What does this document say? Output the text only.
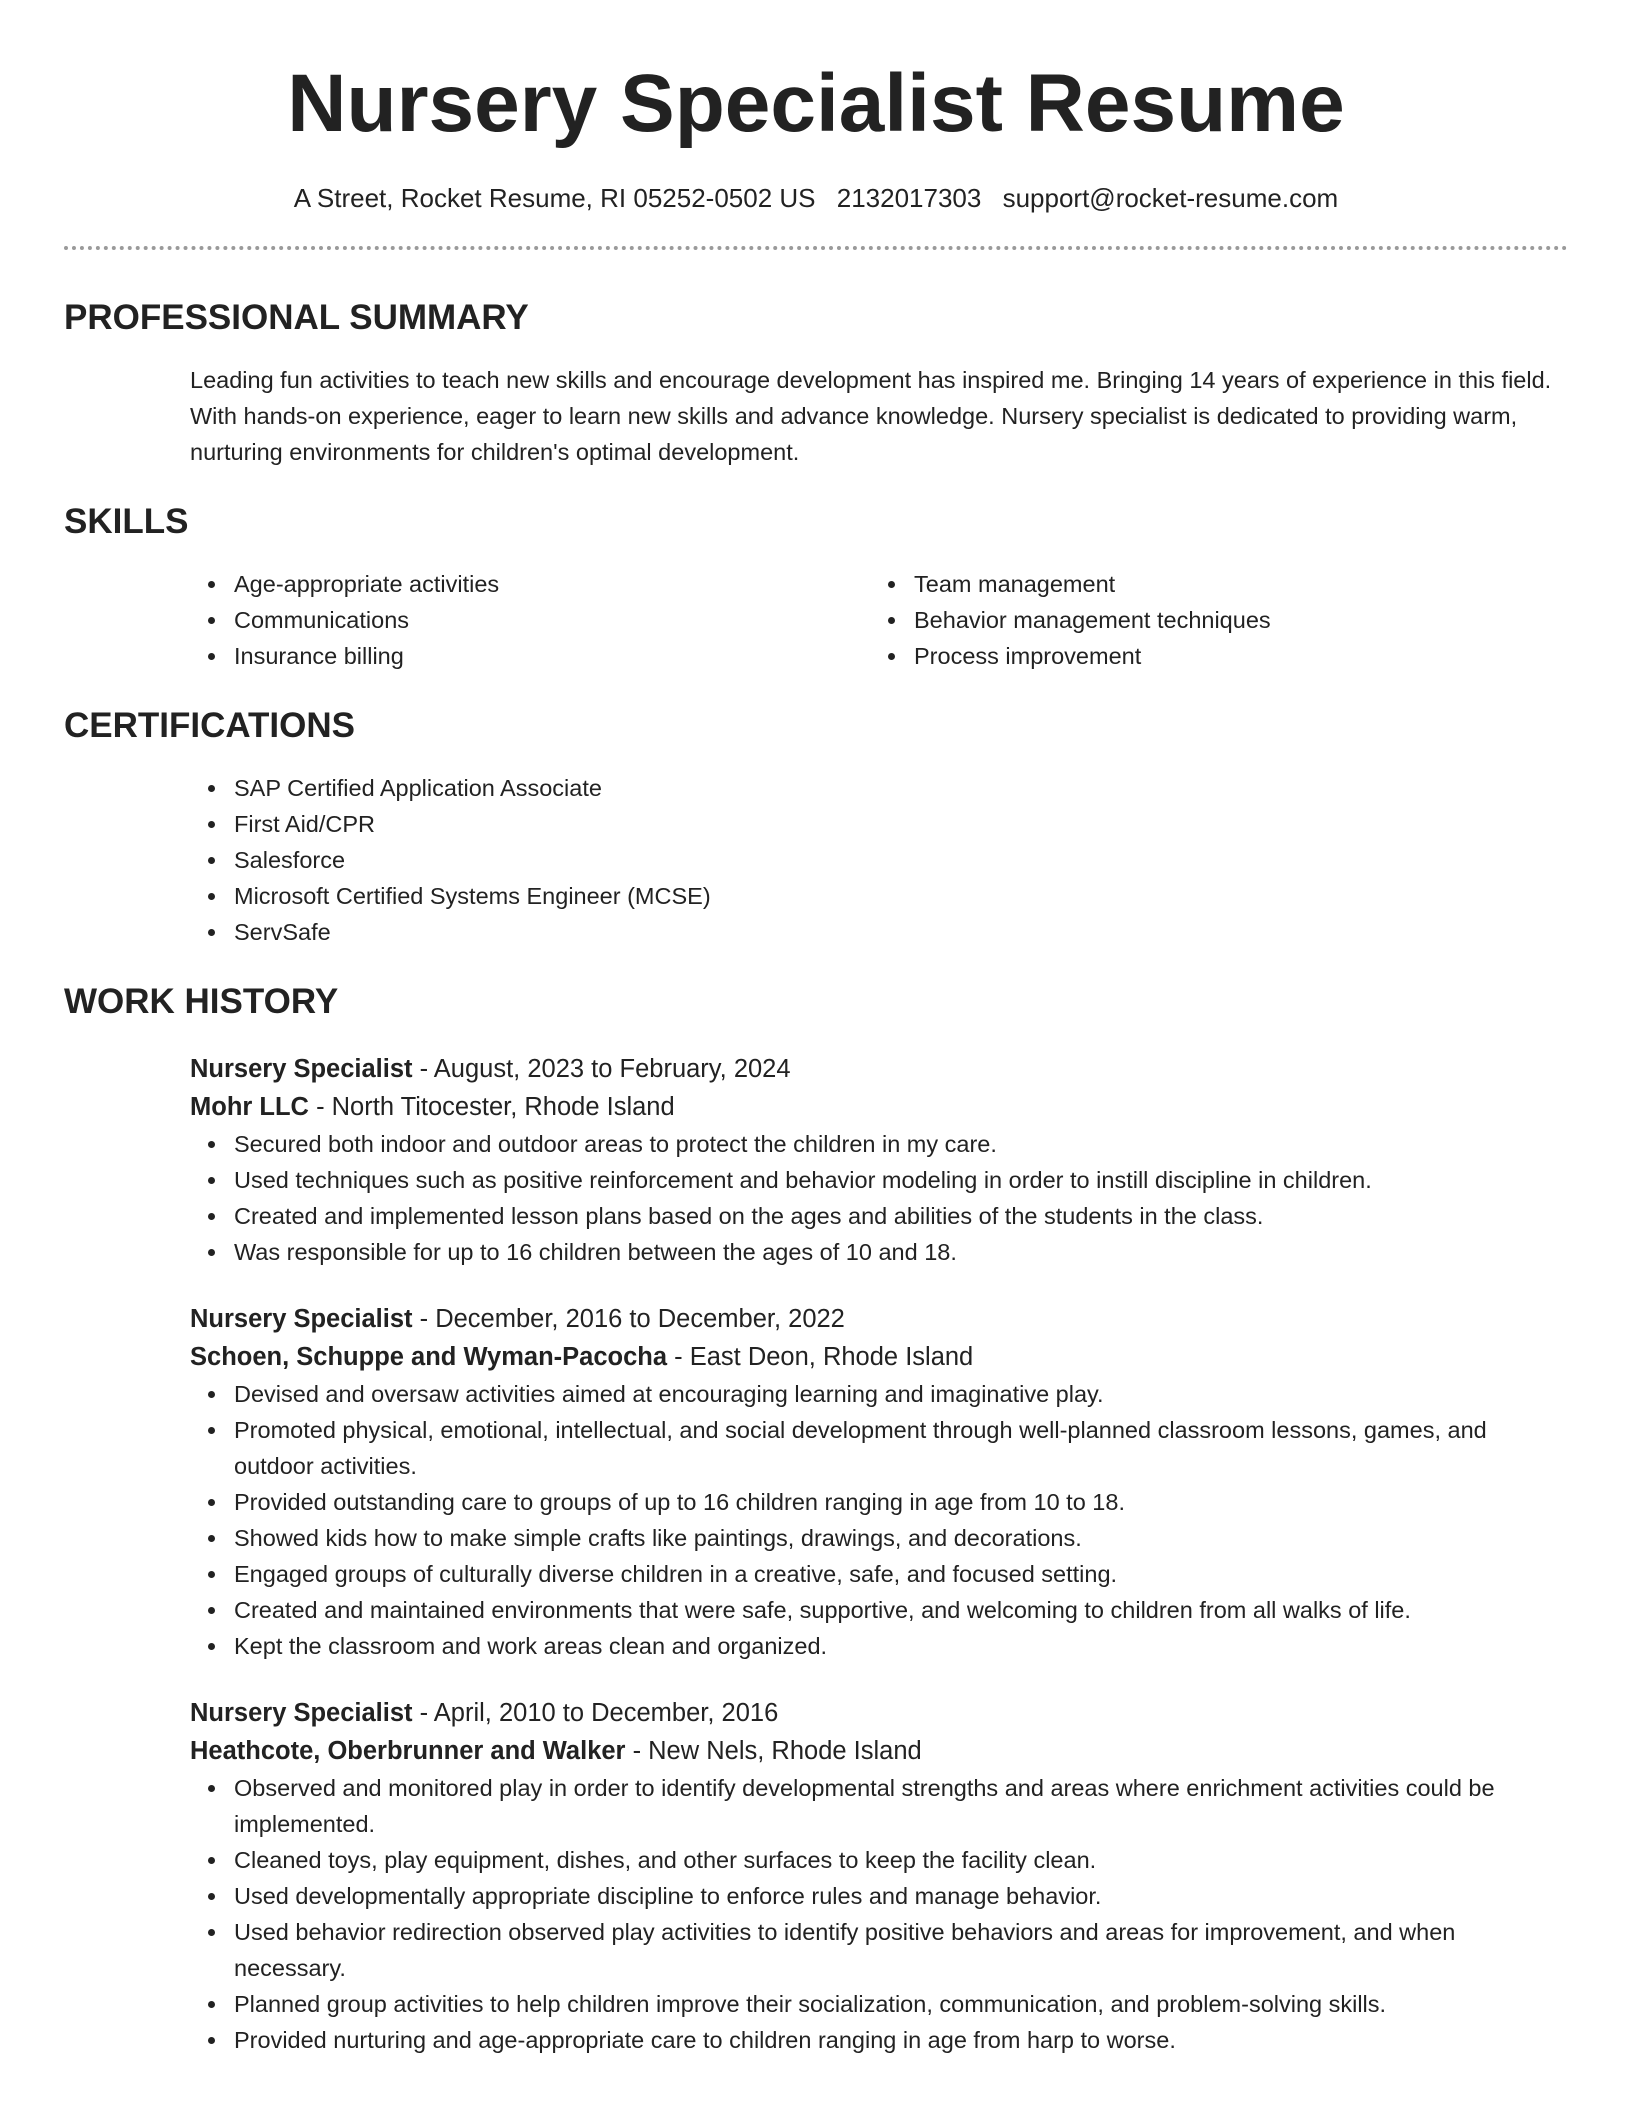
Nursery Specialist Resume
A Street, Rocket Resume, RI 05252-0502 US 2132017303 support@rocket-resume.com
PROFESSIONAL SUMMARY
Leading fun activities to teach new skills and encourage development has inspired me. Bringing 14 years of experience in this field. With hands-on experience, eager to learn new skills and advance knowledge. Nursery specialist is dedicated to providing warm, nurturing environments for children's optimal development.
SKILLS
Age-appropriate activities
Communications
Insurance billing
Team management
Behavior management techniques
Process improvement
CERTIFICATIONS
SAP Certified Application Associate
First Aid/CPR
Salesforce
Microsoft Certified Systems Engineer (MCSE)
ServSafe
WORK HISTORY
Nursery Specialist - August, 2023 to February, 2024
Mohr LLC - North Titocester, Rhode Island
Secured both indoor and outdoor areas to protect the children in my care.
Used techniques such as positive reinforcement and behavior modeling in order to instill discipline in children.
Created and implemented lesson plans based on the ages and abilities of the students in the class.
Was responsible for up to 16 children between the ages of 10 and 18.
Nursery Specialist - December, 2016 to December, 2022
Schoen, Schuppe and Wyman-Pacocha - East Deon, Rhode Island
Devised and oversaw activities aimed at encouraging learning and imaginative play.
Promoted physical, emotional, intellectual, and social development through well-planned classroom lessons, games, and outdoor activities.
Provided outstanding care to groups of up to 16 children ranging in age from 10 to 18.
Showed kids how to make simple crafts like paintings, drawings, and decorations.
Engaged groups of culturally diverse children in a creative, safe, and focused setting.
Created and maintained environments that were safe, supportive, and welcoming to children from all walks of life.
Kept the classroom and work areas clean and organized.
Nursery Specialist - April, 2010 to December, 2016
Heathcote, Oberbrunner and Walker - New Nels, Rhode Island
Observed and monitored play in order to identify developmental strengths and areas where enrichment activities could be implemented.
Cleaned toys, play equipment, dishes, and other surfaces to keep the facility clean.
Used developmentally appropriate discipline to enforce rules and manage behavior.
Used behavior redirection observed play activities to identify positive behaviors and areas for improvement, and when necessary.
Planned group activities to help children improve their socialization, communication, and problem-solving skills.
Provided nurturing and age-appropriate care to children ranging in age from harp to worse.
